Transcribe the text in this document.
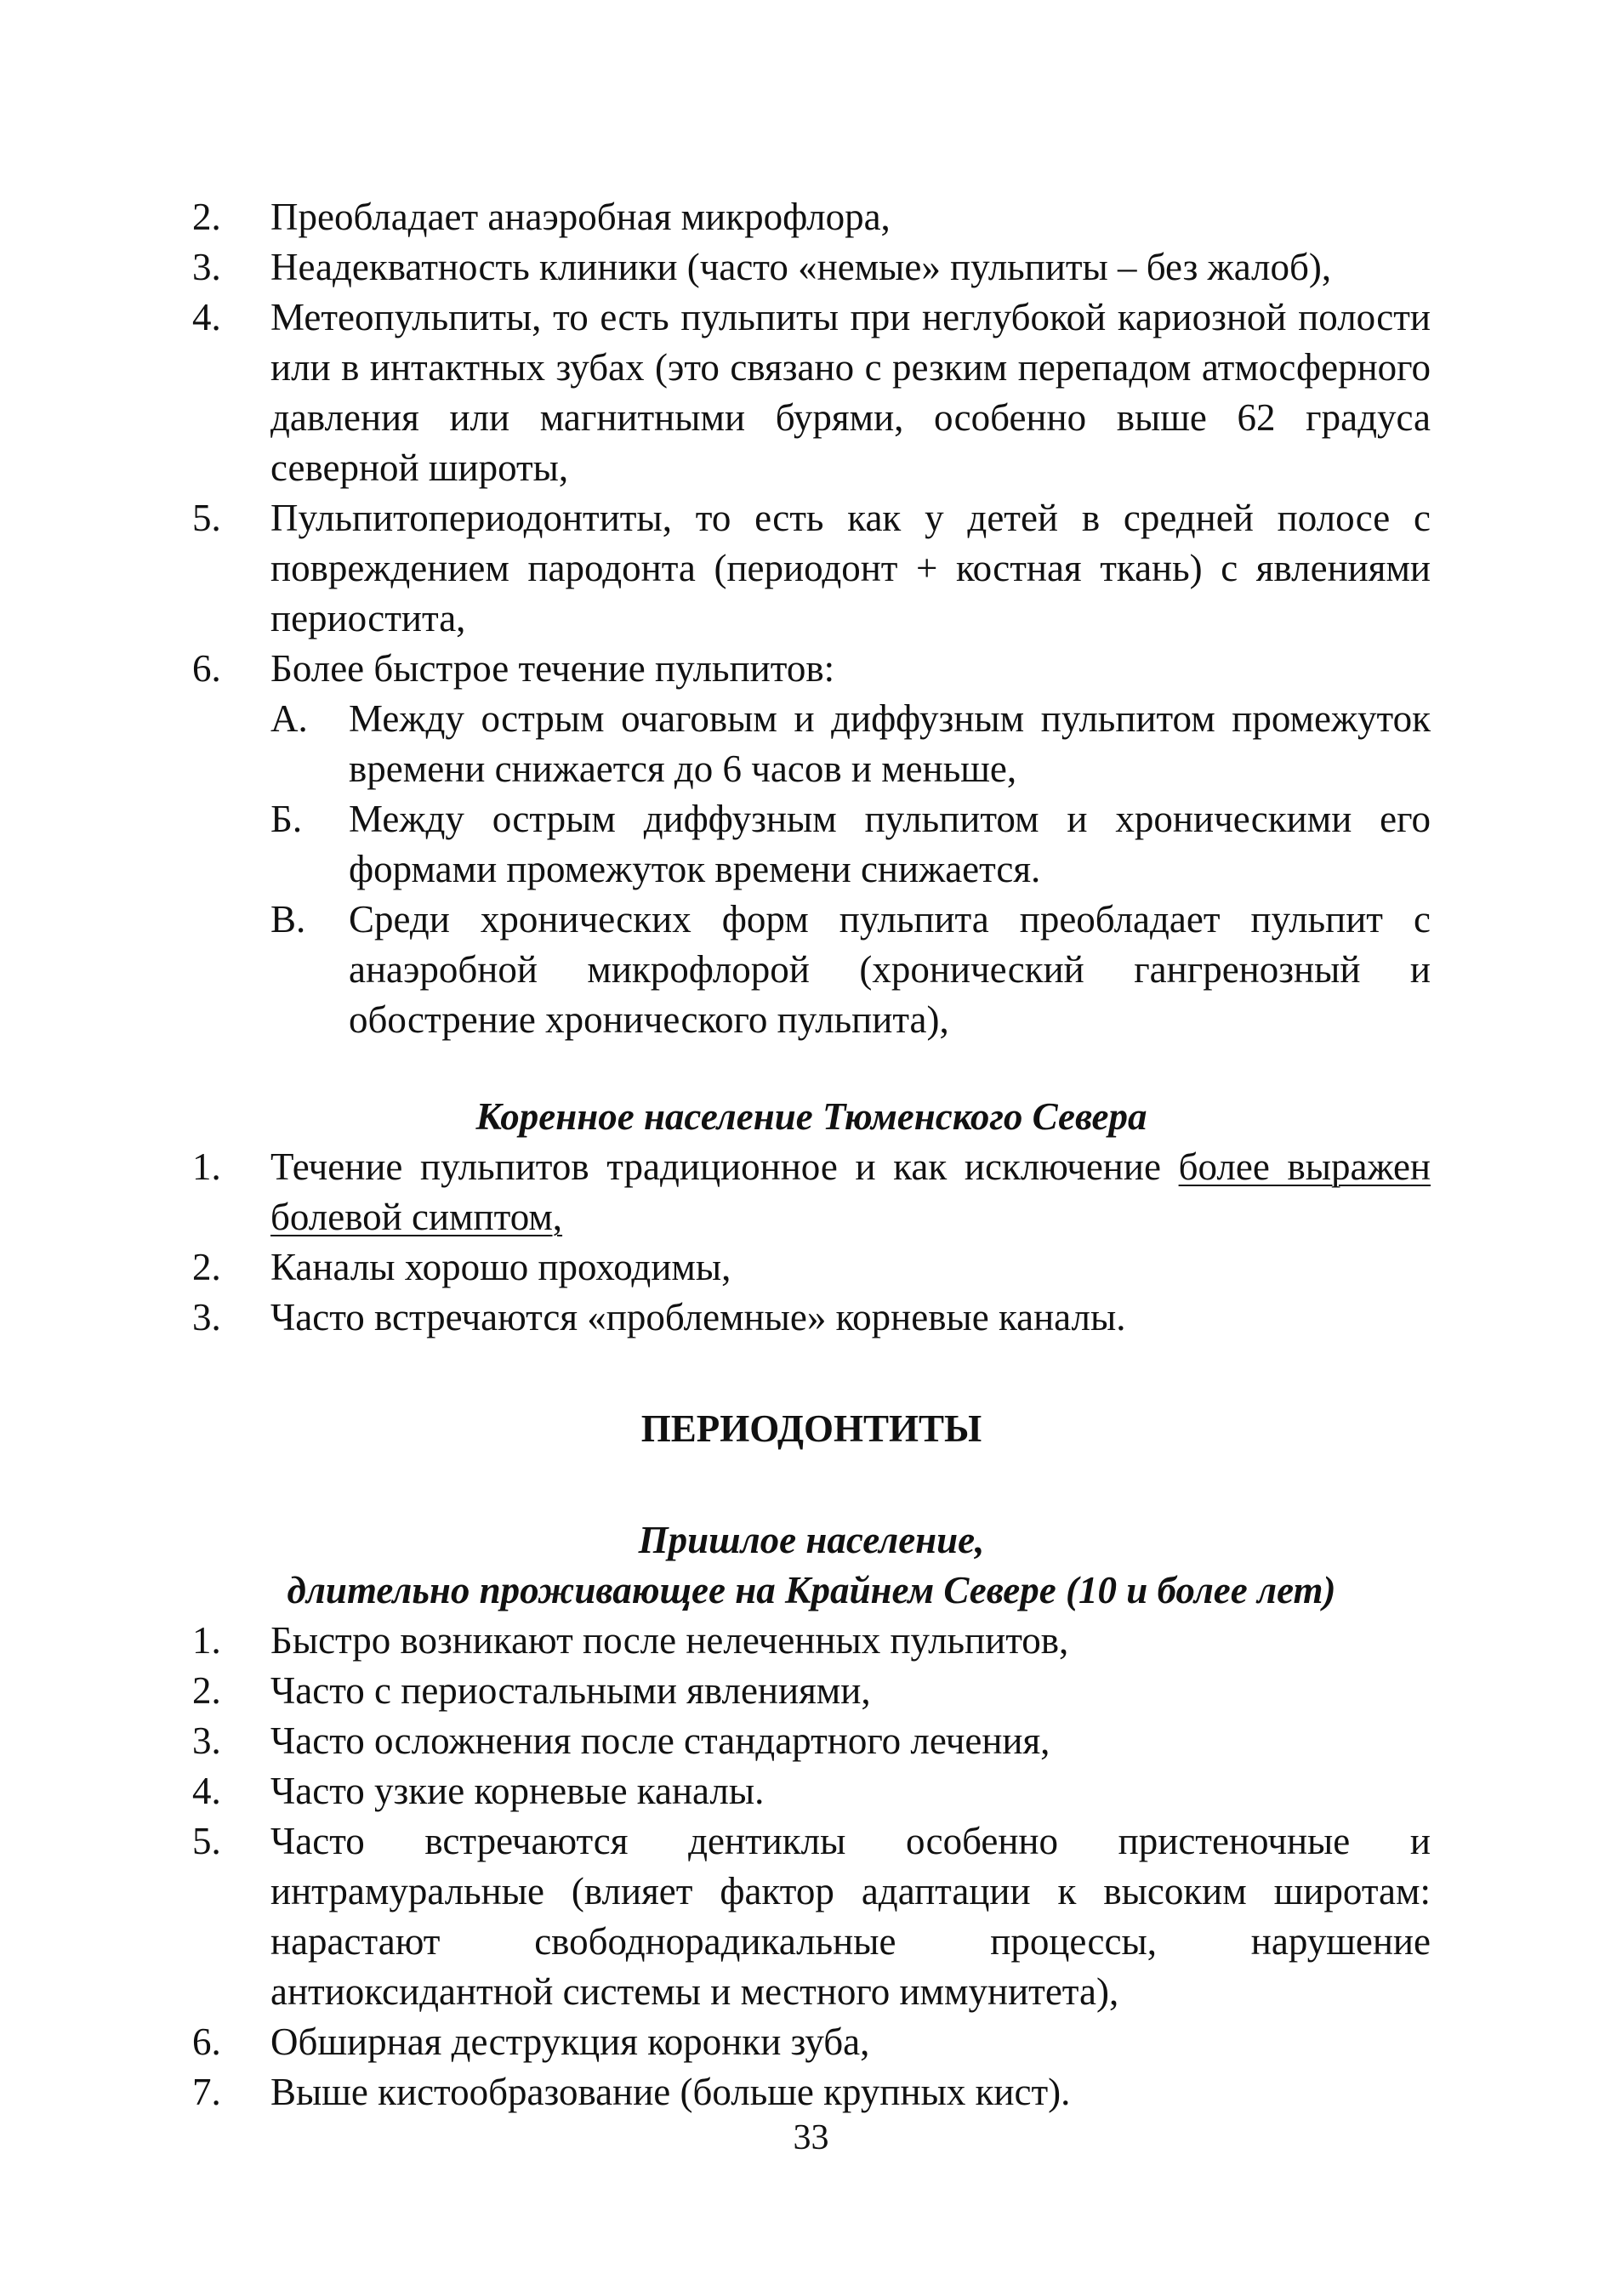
2.	Преобладает анаэробная микрофлора,
3.	Неадекватность клиники (часто «немые» пульпиты – без жалоб),
4.	Метеопульпиты, то есть пульпиты при неглубокой кариозной полости или в интактных зубах (это связано с резким перепадом атмосферного давления или магнитными бурями, особенно выше 62 градуса северной широты,
5.	Пульпитопериодонтиты, то есть как у детей в средней полосе с повреждением пародонта (периодонт + костная ткань) с явлениями периостита,
6.	Более быстрое течение пульпитов:
А.	Между острым очаговым и диффузным пульпитом промежуток времени снижается до 6 часов и меньше,
Б.	Между острым диффузным пульпитом и хроническими его формами промежуток времени снижается.
В.	Среди хронических форм пульпита преобладает пульпит с анаэробной микрофлорой (хронический гангренозный и обострение хронического пульпита),
Коренное население Тюменского Севера
1.	Течение пульпитов традиционное и как исключение более выражен болевой симптом,
2.	Каналы хорошо проходимы,
3.	Часто встречаются «проблемные» корневые каналы.
ПЕРИОДОНТИТЫ
Пришлое население,
длительно проживающее на Крайнем Севере (10 и более лет)
1.	Быстро возникают после нелеченных пульпитов,
2.	Часто с периостальными явлениями,
3.	Часто осложнения после стандартного лечения,
4.	Часто узкие корневые каналы.
5.	Часто встречаются дентиклы особенно пристеночные и интрамуральные (влияет фактор адаптации к высоким широтам: нарастают свободнорадикальные процессы, нарушение антиоксидантной системы и местного иммунитета),
6.	Обширная деструкция коронки зуба,
7.	Выше кистообразование (больше крупных кист).
33
